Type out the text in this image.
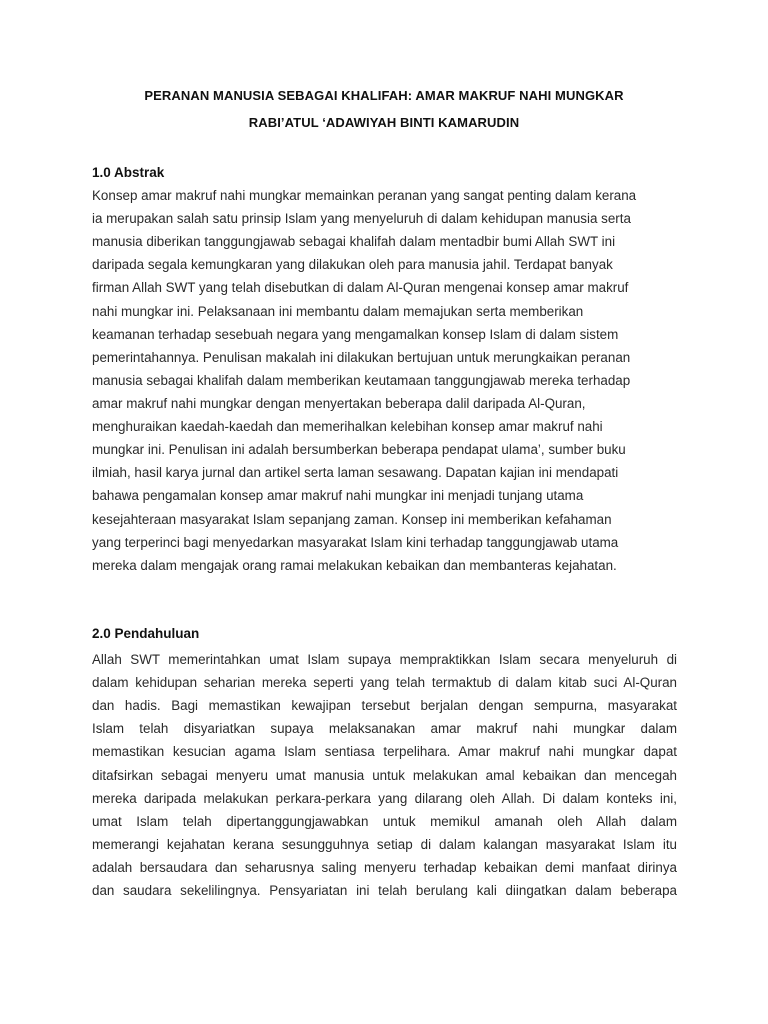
PERANAN MANUSIA SEBAGAI KHALIFAH: AMAR MAKRUF NAHI MUNGKAR
RABI’ATUL ‘ADAWIYAH BINTI KAMARUDIN
1.0 Abstrak
Konsep amar makruf nahi mungkar memainkan peranan yang sangat penting dalam kerana
ia merupakan salah satu prinsip Islam yang menyeluruh di dalam kehidupan manusia serta
manusia diberikan tanggungjawab sebagai khalifah dalam mentadbir bumi Allah SWT ini
daripada segala kemungkaran yang dilakukan oleh para manusia jahil. Terdapat banyak
firman Allah SWT yang telah disebutkan di dalam Al-Quran mengenai konsep amar makruf
nahi mungkar ini. Pelaksanaan ini membantu dalam memajukan serta memberikan
keamanan terhadap sesebuah negara yang mengamalkan konsep Islam di dalam sistem
pemerintahannya. Penulisan makalah ini dilakukan bertujuan untuk merungkaikan peranan
manusia sebagai khalifah dalam memberikan keutamaan tanggungjawab mereka terhadap
amar makruf nahi mungkar dengan menyertakan beberapa dalil daripada Al-Quran,
menghuraikan kaedah-kaedah dan memerihalkan kelebihan konsep amar makruf nahi
mungkar ini. Penulisan ini adalah bersumberkan beberapa pendapat ulama’, sumber buku
ilmiah, hasil karya jurnal dan artikel serta laman sesawang. Dapatan kajian ini mendapati
bahawa pengamalan konsep amar makruf nahi mungkar ini menjadi tunjang utama
kesejahteraan masyarakat Islam sepanjang zaman. Konsep ini memberikan kefahaman
yang terperinci bagi menyedarkan masyarakat Islam kini terhadap tanggungjawab utama
mereka dalam mengajak orang ramai melakukan kebaikan dan membanteras kejahatan.
2.0 Pendahuluan
Allah SWT memerintahkan umat Islam supaya mempraktikkan Islam secara menyeluruh di
dalam kehidupan seharian mereka seperti yang telah termaktub di dalam kitab suci Al-Quran
dan hadis. Bagi memastikan kewajipan tersebut berjalan dengan sempurna, masyarakat
Islam telah disyariatkan supaya melaksanakan amar makruf nahi mungkar dalam
memastikan kesucian agama Islam sentiasa terpelihara. Amar makruf nahi mungkar dapat
ditafsirkan sebagai menyeru umat manusia untuk melakukan amal kebaikan dan mencegah
mereka daripada melakukan perkara-perkara yang dilarang oleh Allah. Di dalam konteks ini,
umat Islam telah dipertanggungjawabkan untuk memikul amanah oleh Allah dalam
memerangi kejahatan kerana sesungguhnya setiap di dalam kalangan masyarakat Islam itu
adalah bersaudara dan seharusnya saling menyeru terhadap kebaikan demi manfaat dirinya
dan saudara sekelilingnya. Pensyariatan ini telah berulang kali diingatkan dalam beberapa
